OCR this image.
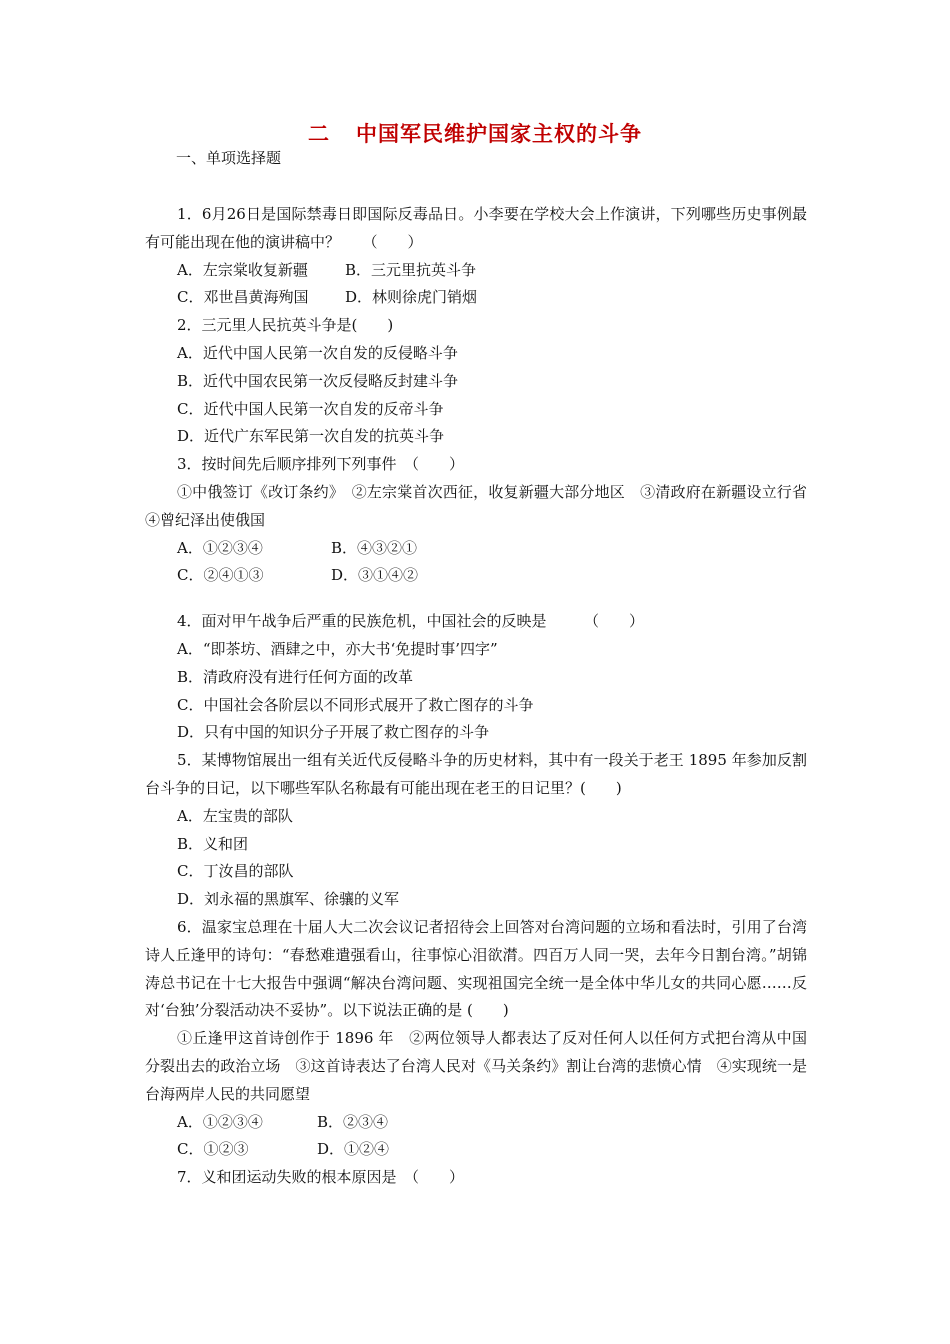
二 中国军民维护国家主权的斗争
一、单项选择题

1．6月26日是国际禁毒日即国际反毒品日。小李要在学校大会上作演讲，下列哪些历史事例最有可能出现在他的演讲稿中？　　（　　）

A．左宗棠收复新疆	B．三元里抗英斗争
C．邓世昌黄海殉国	D．林则徐虎门销烟

2．三元里人民抗英斗争是(　　)

A．近代中国人民第一次自发的反侵略斗争

B．近代中国农民第一次反侵略反封建斗争

C．近代中国人民第一次自发的反帝斗争

D．近代广东军民第一次自发的抗英斗争

3．按时间先后顺序排列下列事件　（　　）

①中俄签订《改订条约》　②左宗棠首次西征，收复新疆大部分地区　③清政府在新疆设立行省　④曾纪泽出使俄国

A．①②③④	B．④③②①
C．②④①③	D．③①④②

4．面对甲午战争后严重的民族危机，中国社会的反映是　　　（　　）

A．“即茶坊、酒肆之中，亦大书‘免提时事’四字”

B．清政府没有进行任何方面的改革

C．中国社会各阶层以不同形式展开了救亡图存的斗争

D．只有中国的知识分子开展了救亡图存的斗争

5．某博物馆展出一组有关近代反侵略斗争的历史材料，其中有一段关于老王 1895 年参加反割台斗争的日记，以下哪些军队名称最有可能出现在老王的日记里？(　　)

A．左宝贵的部队

B．义和团

C．丁汝昌的部队

D．刘永福的黑旗军、徐骧的义军

6．温家宝总理在十届人大二次会议记者招待会上回答对台湾问题的立场和看法时，引用了台湾诗人丘逢甲的诗句：“春愁难遣强看山，往事惊心泪欲潸。四百万人同一哭，去年今日割台湾。”胡锦涛总书记在十七大报告中强调“解决台湾问题、实现祖国完全统一是全体中华儿女的共同心愿……反对‘台独’分裂活动决不妥协”。以下说法正确的是 (　　)

①丘逢甲这首诗创作于 1896 年　②两位领导人都表达了反对任何人以任何方式把台湾从中国分裂出去的政治立场　③这首诗表达了台湾人民对《马关条约》割让台湾的悲愤心情　④实现统一是台海两岸人民的共同愿望

A．①②③④	B．②③④
C．①②③	D．①②④

7．义和团运动失败的根本原因是　（　　）
